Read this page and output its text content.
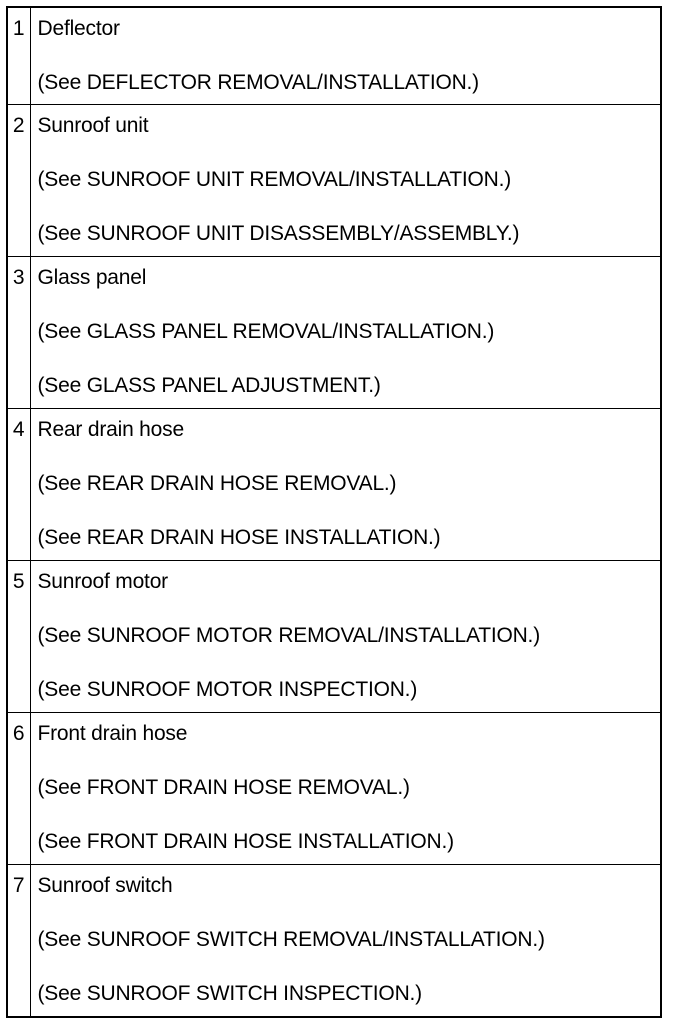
1	Deflector
(See DEFLECTOR REMOVAL/INSTALLATION.)

2	Sunroof unit
(See SUNROOF UNIT REMOVAL/INSTALLATION.)
(See SUNROOF UNIT DISASSEMBLY/ASSEMBLY.)

3	Glass panel
(See GLASS PANEL REMOVAL/INSTALLATION.)
(See GLASS PANEL ADJUSTMENT.)

4	Rear drain hose
(See REAR DRAIN HOSE REMOVAL.)
(See REAR DRAIN HOSE INSTALLATION.)

5	Sunroof motor
(See SUNROOF MOTOR REMOVAL/INSTALLATION.)
(See SUNROOF MOTOR INSPECTION.)

6	Front drain hose
(See FRONT DRAIN HOSE REMOVAL.)
(See FRONT DRAIN HOSE INSTALLATION.)

7	Sunroof switch
(See SUNROOF SWITCH REMOVAL/INSTALLATION.)
(See SUNROOF SWITCH INSPECTION.)
